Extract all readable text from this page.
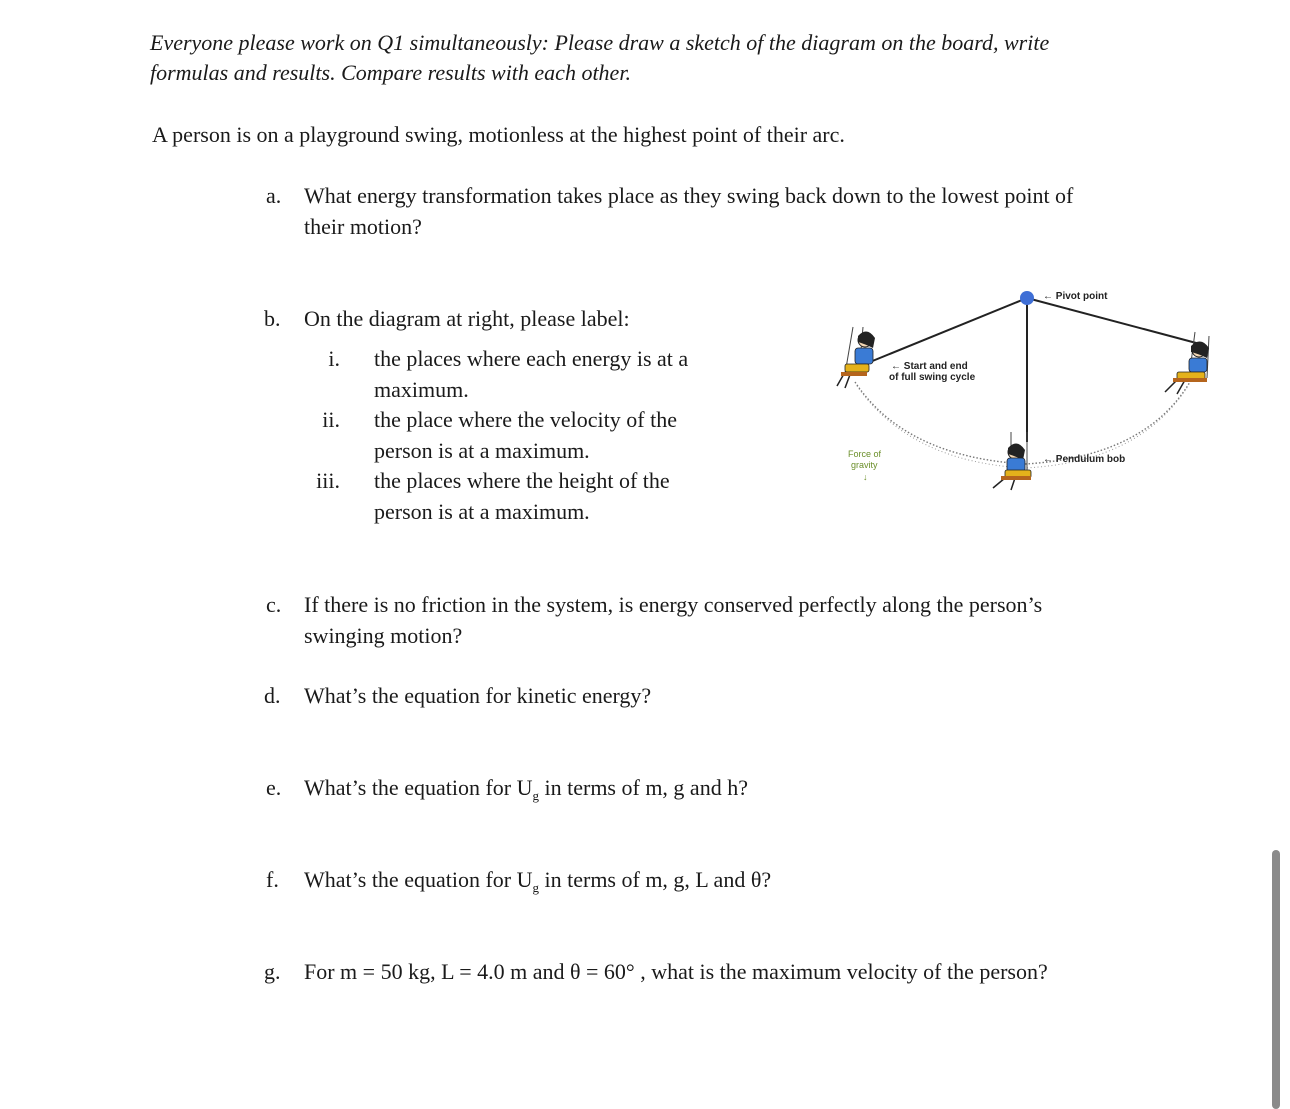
Everyone please work on Q1 simultaneously: Please draw a sketch of the diagram on the board, write

formulas and results. Compare results with each other.

A person is on a playground swing, motionless at the highest point of their arc.
a. What energy transformation takes place as they swing back down to the lowest point of
their motion?
b. On the diagram at right, please label:
i. the places where each energy is at a
maximum.
ii. the place where the velocity of the
person is at a maximum.
iii. the places where the height of the
person is at a maximum.
← Pivot point
← Start and end
of full swing cycle
← Pendulum bob
Force of
gravity
↓
c. If there is no friction in the system, is energy conserved perfectly along the person’s
swinging motion?
d. What’s the equation for kinetic energy?
e. What’s the equation for $U_g$ in terms of m, g and h?
f. What’s the equation for $U_g$ in terms of m, g, L and θ?
g. For m = 50 kg, L = 4.0 m and θ = 60° , what is the maximum velocity of the person?
